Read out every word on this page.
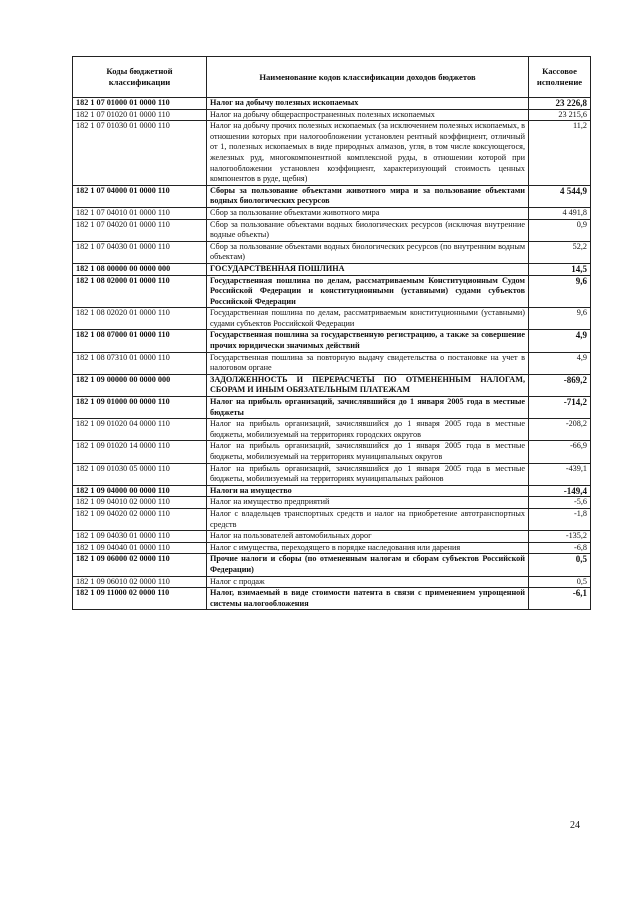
Коды бюджетной классификации	Наименование кодов классификации доходов бюджетов	Кассовое исполнение
182 1 07 01000 01 0000 110	Налог на добычу полезных ископаемых	23 226,8
182 1 07 01020 01 0000 110	Налог на добычу общераспространенных полезных ископаемых	23 215,6
182 1 07 01030 01 0000 110	Налог на добычу прочих полезных ископаемых (за исключением полезных ископаемых, в отношении которых при налогообложении установлен рентный коэффициент, отличный от 1, полезных ископаемых в виде природных алмазов, угля, в том числе коксующегося, железных руд, многокомпонентной комплексной руды, в отношении которой при налогообложении установлен коэффициент, характеризующий стоимость ценных компонентов в руде, щебня)	11,2
182 1 07 04000 01 0000 110	Сборы за пользование объектами животного мира и за пользование объектами водных биологических ресурсов	4 544,9
182 1 07 04010 01 0000 110	Сбор за пользование объектами животного мира	4 491,8
182 1 07 04020 01 0000 110	Сбор за пользование объектами водных биологических ресурсов (исключая внутренние водные объекты)	0,9
182 1 07 04030 01 0000 110	Сбор за пользование объектами водных биологических ресурсов (по внутренним водным объектам)	52,2
182 1 08 00000 00 0000 000	ГОСУДАРСТВЕННАЯ ПОШЛИНА	14,5
182 1 08 02000 01 0000 110	Государственная пошлина по делам, рассматриваемым Конституционным Судом Российской Федерации и конституционными (уставными) судами субъектов Российской Федерации	9,6
182 1 08 02020 01 0000 110	Государственная пошлина по делам, рассматриваемым конституционными (уставными) судами субъектов Российской Федерации	9,6
182 1 08 07000 01 0000 110	Государственная пошлина за государственную регистрацию, а также за совершение прочих юридически значимых действий	4,9
182 1 08 07310 01 0000 110	Государственная пошлина за повторную выдачу свидетельства о постановке на учет в налоговом органе	4,9
182 1 09 00000 00 0000 000	ЗАДОЛЖЕННОСТЬ И ПЕРЕРАСЧЕТЫ ПО ОТМЕНЕННЫМ НАЛОГАМ, СБОРАМ И ИНЫМ ОБЯЗАТЕЛЬНЫМ ПЛАТЕЖАМ	-869,2
182 1 09 01000 00 0000 110	Налог на прибыль организаций, зачислявшийся до 1 января 2005 года в местные бюджеты	-714,2
182 1 09 01020 04 0000 110	Налог на прибыль организаций, зачислявшийся до 1 января 2005 года в местные бюджеты, мобилизуемый на территориях городских округов	-208,2
182 1 09 01020 14 0000 110	Налог на прибыль организаций, зачислявшийся до 1 января 2005 года в местные бюджеты, мобилизуемый на территориях муниципальных округов	-66,9
182 1 09 01030 05 0000 110	Налог на прибыль организаций, зачислявшийся до 1 января 2005 года в местные бюджеты, мобилизуемый на территориях муниципальных районов	-439,1
182 1 09 04000 00 0000 110	Налоги на имущество	-149,4
182 1 09 04010 02 0000 110	Налог на имущество предприятий	-5,6
182 1 09 04020 02 0000 110	Налог с владельцев транспортных средств и налог на приобретение автотранспортных средств	-1,8
182 1 09 04030 01 0000 110	Налог на пользователей автомобильных дорог	-135,2
182 1 09 04040 01 0000 110	Налог с имущества, переходящего в порядке наследования или дарения	-6,8
182 1 09 06000 02 0000 110	Прочие налоги и сборы (по отмененным налогам и сборам субъектов Российской Федерации)	0,5
182 1 09 06010 02 0000 110	Налог с продаж	0,5
182 1 09 11000 02 0000 110	Налог, взимаемый в виде стоимости патента в связи с применением упрощенной системы налогообложения	-6,1
24
